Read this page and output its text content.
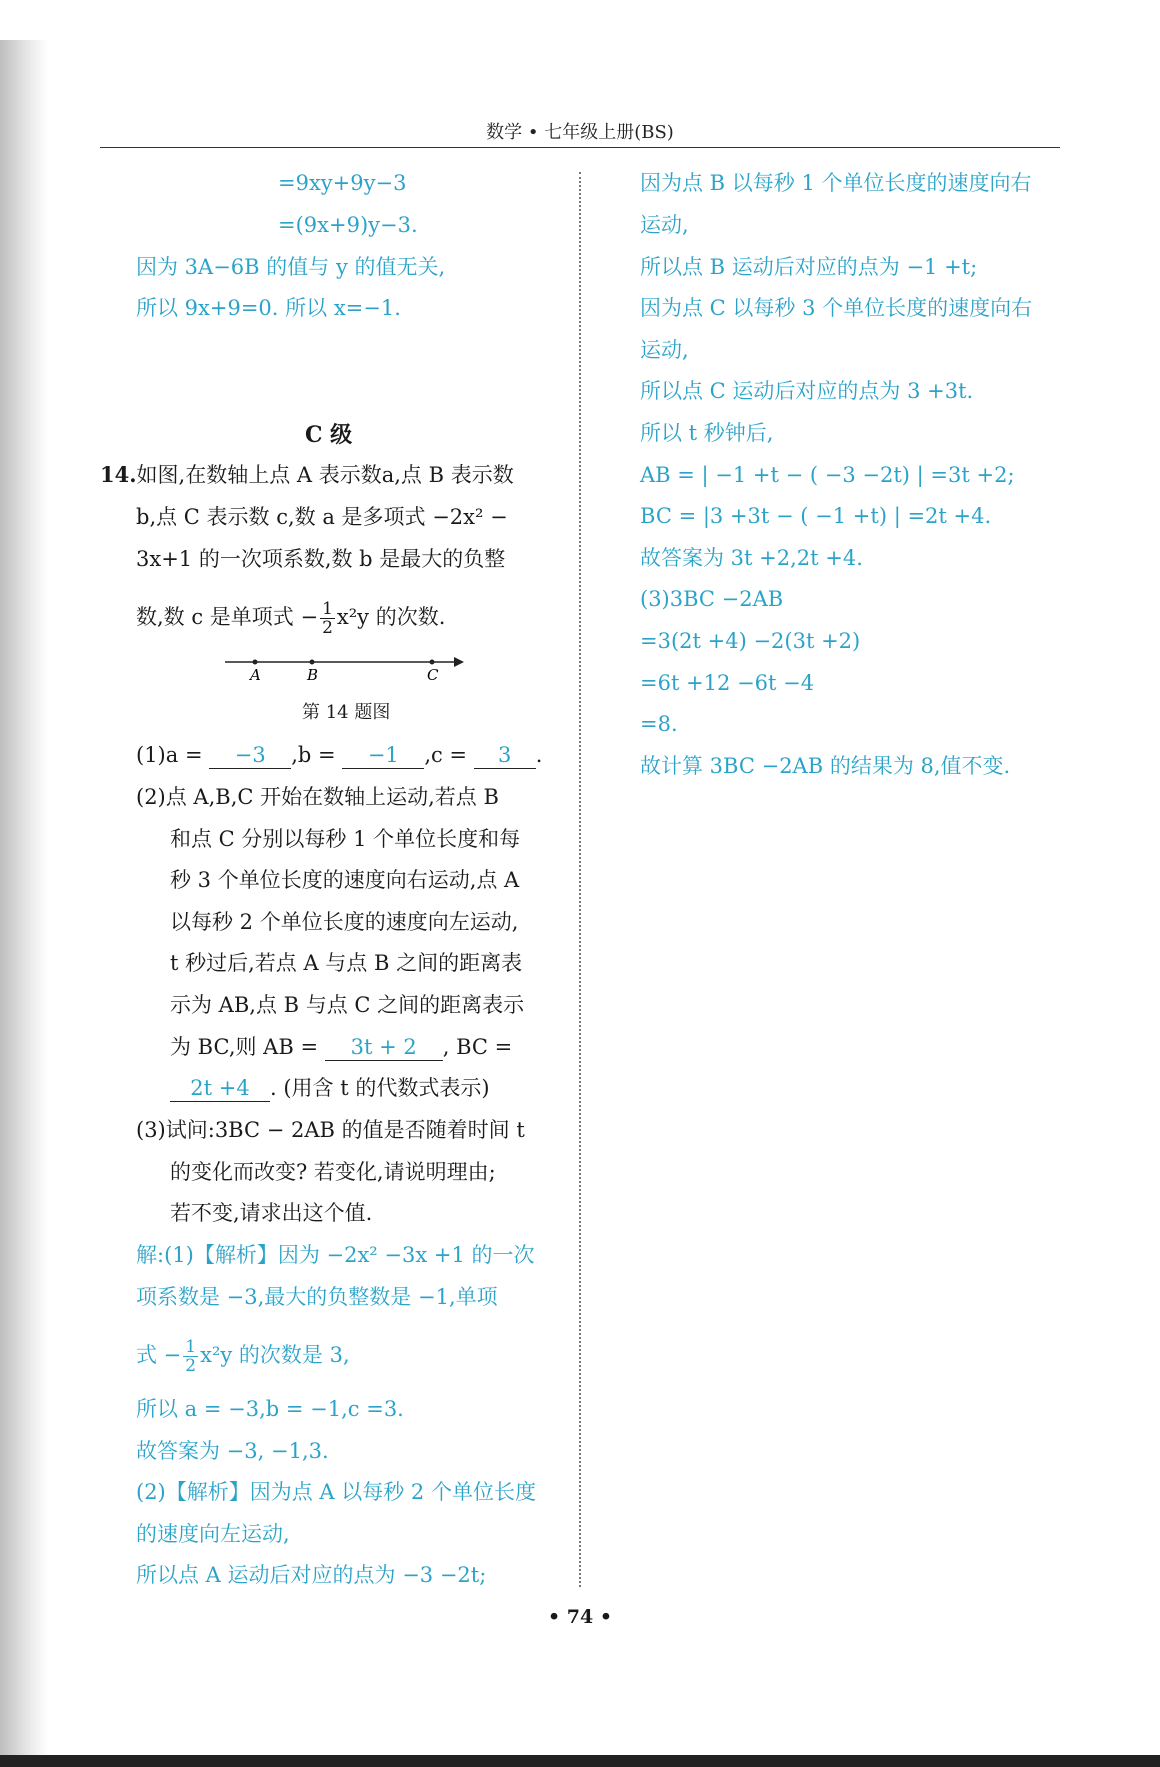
数学 • 七年级上册(BS)
=9xy+9y−3
=(9x+9)y−3.
因为 3A−6B 的值与 y 的值无关,
所以 9x+9=0. 所以 x=−1.
C 级
14.如图,在数轴上点 A 表示数a,点 B 表示数
b,点 C 表示数 c,数 a 是多项式 −2x² −
3x+1 的一次项系数,数 b 是最大的负整
数,数 c 是单项式 − $\frac{1}{2} x^2y$ 的次数.
A	B	C
第 14 题图
(1)a = −3 ,b = −1 ,c = 3 .
(2)点 A,B,C 开始在数轴上运动,若点 B
和点 C 分别以每秒 1 个单位长度和每
秒 3 个单位长度的速度向右运动,点 A
以每秒 2 个单位长度的速度向左运动,
t 秒过后,若点 A 与点 B 之间的距离表
示为 AB,点 B 与点 C 之间的距离表示
为 BC,则 AB = 3t + 2 , BC =
2t +4 . (用含 t 的代数式表示)
(3)试问:3BC − 2AB 的值是否随着时间 t
的变化而改变? 若变化,请说明理由;
若不变,请求出这个值.
解:(1)【解析】因为 −2x² −3x +1 的一次
项系数是 −3,最大的负整数是 −1,单项
式 − $\frac{1}{2} x^2y$ 的次数是 3,
所以 a = −3,b = −1,c =3.
故答案为 −3, −1,3.
(2)【解析】因为点 A 以每秒 2 个单位长度
的速度向左运动,
所以点 A 运动后对应的点为 −3 −2t;
因为点 B 以每秒 1 个单位长度的速度向右
运动,
所以点 B 运动后对应的点为 −1 +t;
因为点 C 以每秒 3 个单位长度的速度向右
运动,
所以点 C 运动后对应的点为 3 +3t.
所以 t 秒钟后,
AB = | −1 +t − ( −3 −2t) | =3t +2;
BC = |3 +3t − ( −1 +t) | =2t +4.
故答案为 3t +2,2t +4.
(3)3BC −2AB
=3(2t +4) −2(3t +2)
=6t +12 −6t −4
=8.
故计算 3BC −2AB 的结果为 8,值不变.
• 74 •
